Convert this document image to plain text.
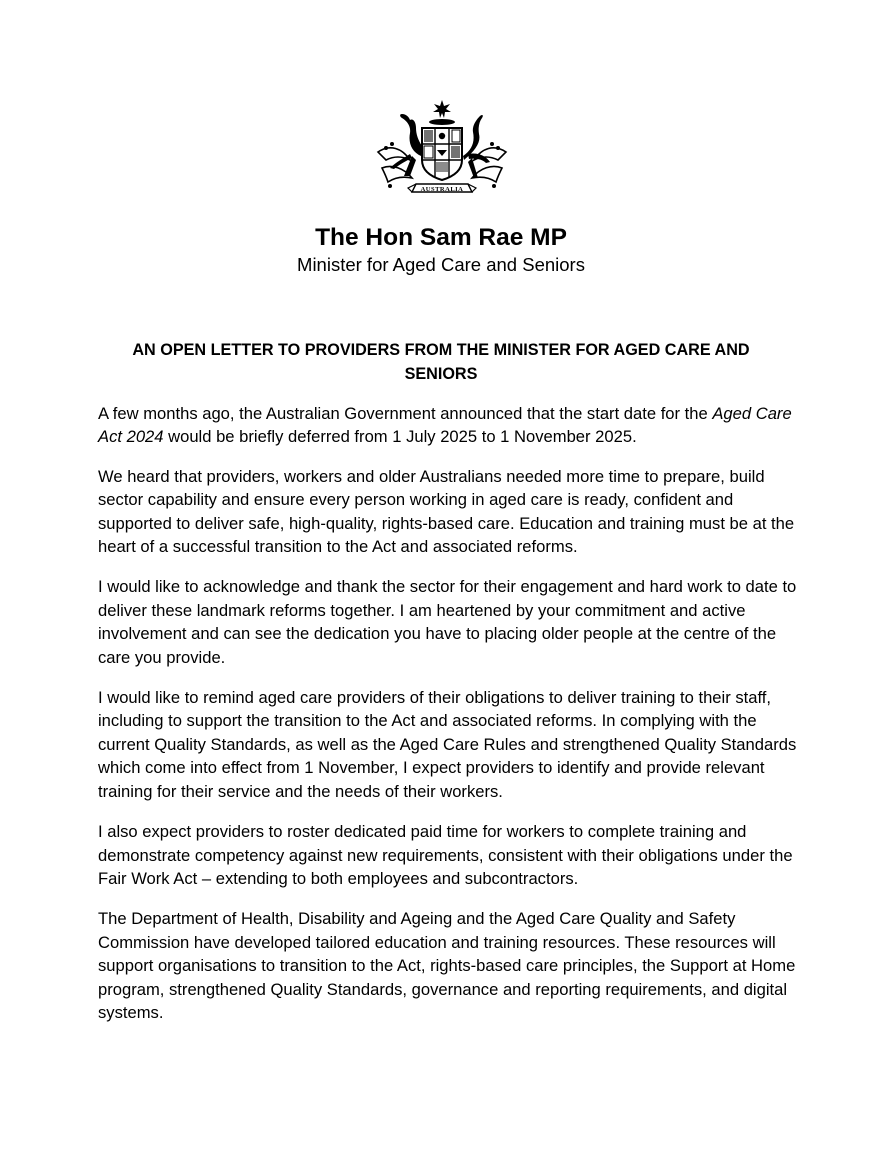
AUSTRALIA
The Hon Sam Rae MP
Minister for Aged Care and Seniors
AN OPEN LETTER TO PROVIDERS FROM THE MINISTER FOR AGED CARE AND
SENIORS

A few months ago, the Australian Government announced that the start date for the Aged Care Act 2024 would be briefly deferred from 1 July 2025 to 1 November 2025.

We heard that providers, workers and older Australians needed more time to prepare, build sector capability and ensure every person working in aged care is ready, confident and supported to deliver safe, high-quality, rights-based care. Education and training must be at the heart of a successful transition to the Act and associated reforms.

I would like to acknowledge and thank the sector for their engagement and hard work to date to deliver these landmark reforms together. I am heartened by your commitment and active involvement and can see the dedication you have to placing older people at the centre of the care you provide.

I would like to remind aged care providers of their obligations to deliver training to their staff, including to support the transition to the Act and associated reforms. In complying with the current Quality Standards, as well as the Aged Care Rules and strengthened Quality Standards which come into effect from 1 November, I expect providers to identify and provide relevant training for their service and the needs of their workers.

I also expect providers to roster dedicated paid time for workers to complete training and demonstrate competency against new requirements, consistent with their obligations under the Fair Work Act – extending to both employees and subcontractors.

The Department of Health, Disability and Ageing and the Aged Care Quality and Safety Commission have developed tailored education and training resources. These resources will support organisations to transition to the Act, rights-based care principles, the Support at Home program, strengthened Quality Standards, governance and reporting requirements, and digital systems.
